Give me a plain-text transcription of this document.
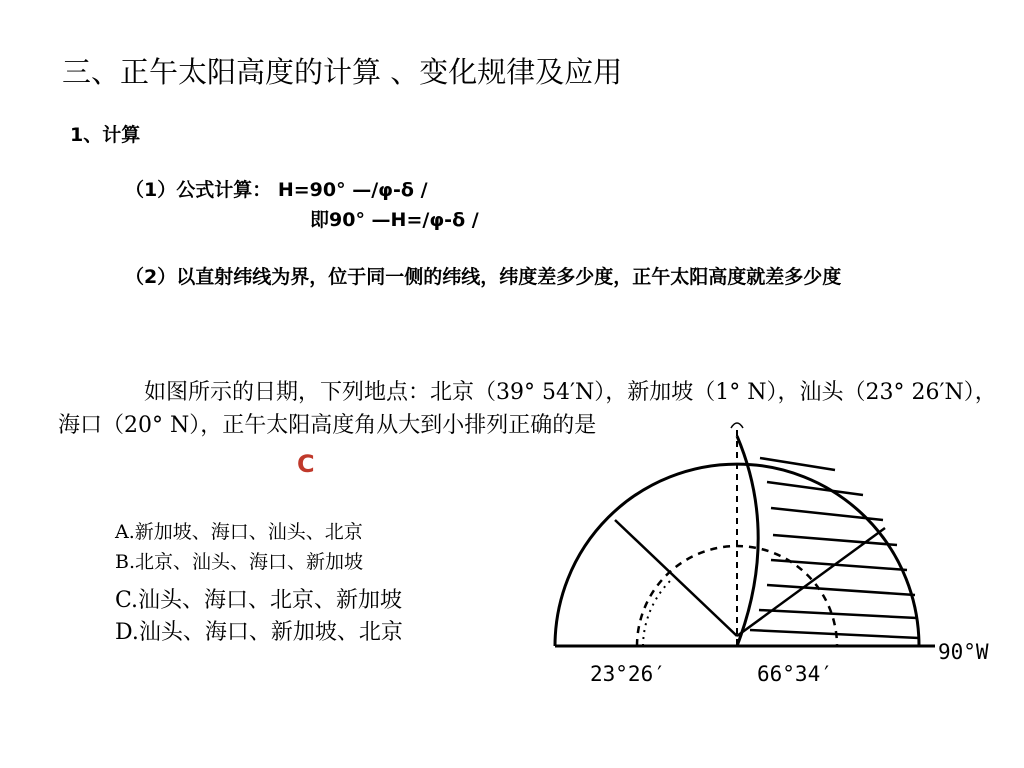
三、正午太阳高度的计算 、变化规律及应用
1、计算
（1）公式计算： H=90° —/φ-δ /
即90° —H=/φ-δ /
（2）以直射纬线为界，位于同一侧的纬线，纬度差多少度，正午太阳高度就差多少度
如图所示的日期，下列地点：北京（39° 54′N），新加坡（1° N），汕头（23° 26′N），海口（20° N），正午太阳高度角从大到小排列正确的是
C
A.新加坡、海口、汕头、北京
B.北京、汕头、海口、新加坡
C.汕头、海口、北京、新加坡
D.汕头、海口、新加坡、北京
23°26′	66°34′
90°W
